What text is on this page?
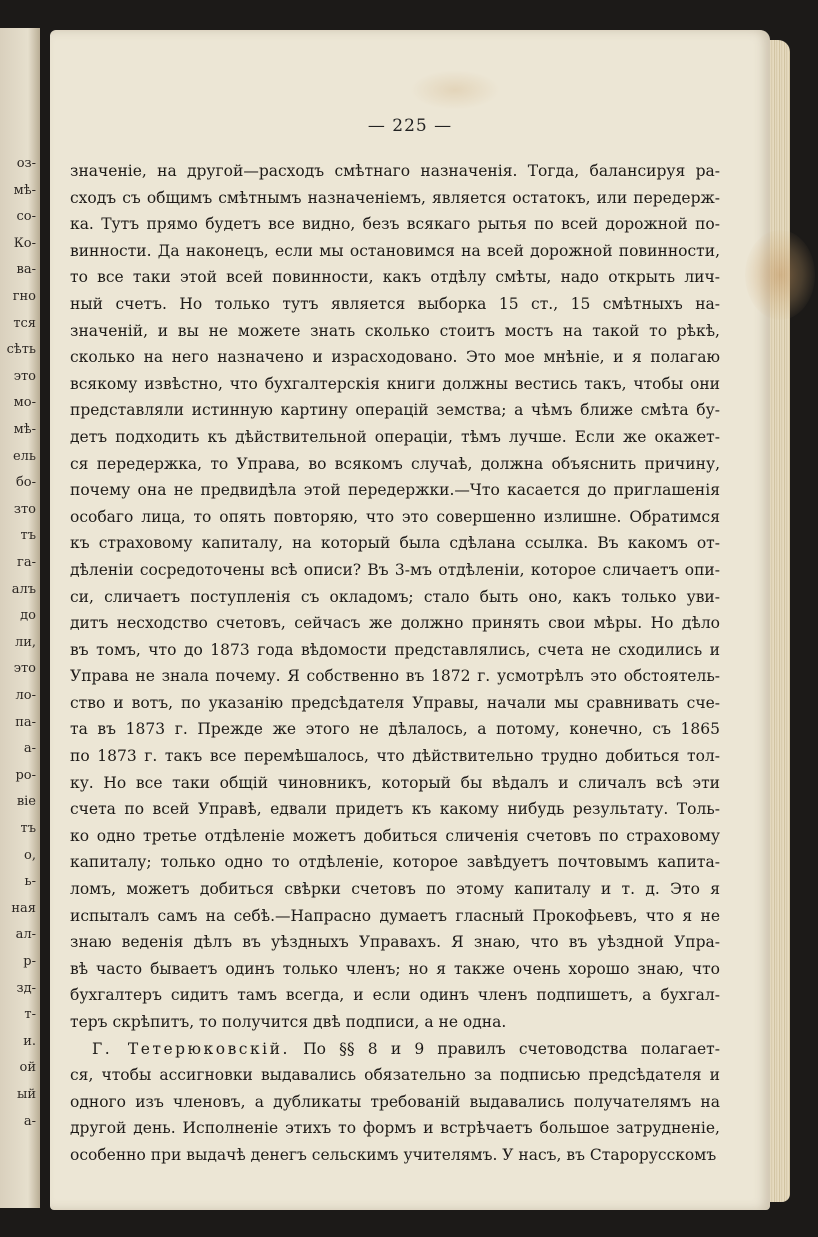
оз-
мѣ-
со-
Ко-
ва-
гно
тся
сѣть
это
мо-
мѣ-
ель
бо-
зто
тъ
га-
алъ
до
ли,
это
ло-
па-
а-
ро-
віе
тъ
о,
ь-
ная
ал-
р-
зд-
т-
и.
ой
ый
а-
— 225 —
значеніе, на другой—расходъ смѣтнаго назначенія. Тогда, балансируя ра-
сходъ съ общимъ смѣтнымъ назначеніемъ, является остатокъ, или передерж-
ка. Тутъ прямо будетъ все видно, безъ всякаго рытья по всей дорожной по-
винности. Да наконецъ, если мы остановимся на всей дорожной повинности,
то все таки этой всей повинности, какъ отдѣлу смѣты, надо открыть лич-
ный счетъ. Но только тутъ является выборка 15 ст., 15 смѣтныхъ на-
значеній, и вы не можете знать сколько стоитъ мостъ на такой то рѣкѣ,
сколько на него назначено и израсходовано. Это мое мнѣніе, и я полагаю
всякому извѣстно, что бухгалтерскія книги должны вестись такъ, чтобы они
представляли истинную картину операцій земства; а чѣмъ ближе смѣта бу-
детъ подходить къ дѣйствительной операціи, тѣмъ лучше. Если же окажет-
ся передержка, то Управа, во всякомъ случаѣ, должна объяснить причину,
почему она не предвидѣла этой передержки.—Что касается до приглашенія
особаго лица, то опять повторяю, что это совершенно излишне. Обратимся
къ страховому капиталу, на который была сдѣлана ссылка. Въ какомъ от-
дѣленіи сосредоточены всѣ описи? Въ 3-мъ отдѣленіи, которое сличаетъ опи-
си, сличаетъ поступленія съ окладомъ; стало быть оно, какъ только уви-
дитъ несходство счетовъ, сейчасъ же должно принять свои мѣры. Но дѣло
въ томъ, что до 1873 года вѣдомости представлялись, счета не сходились и
Управа не знала почему. Я собственно въ 1872 г. усмотрѣлъ это обстоятель-
ство и вотъ, по указанію предсѣдателя Управы, начали мы сравнивать сче-
та въ 1873 г. Прежде же этого не дѣлалось, а потому, конечно, съ 1865
по 1873 г. такъ все перемѣшалось, что дѣйствительно трудно добиться тол-
ку. Но все таки общій чиновникъ, который бы вѣдалъ и сличалъ всѣ эти
счета по всей Управѣ, едвали придетъ къ какому нибудь результату. Толь-
ко одно третье отдѣленіе можетъ добиться сличенія счетовъ по страховому
капиталу; только одно то отдѣленіе, которое завѣдуетъ почтовымъ капита-
ломъ, можетъ добиться свѣрки счетовъ по этому капиталу и т. д. Это я
испыталъ самъ на себѣ.—Напрасно думаетъ гласный Прокофьевъ, что я не
знаю веденія дѣлъ въ уѣздныхъ Управахъ. Я знаю, что въ уѣздной Упра-
вѣ часто бываетъ одинъ только членъ; но я также очень хорошо знаю, что
бухгалтеръ сидитъ тамъ всегда, и если одинъ членъ подпишетъ, а бухгал-
теръ скрѣпитъ, то получится двѣ подписи, а не одна.
Г. Тетерюковскій. По §§ 8 и 9 правилъ счетоводства полагает-
ся, чтобы ассигновки выдавались обязательно за подписью предсѣдателя и
одного изъ членовъ, а дубликаты требованій выдавались получателямъ на
другой день. Исполненіе этихъ то формъ и встрѣчаетъ большое затрудненіе,
особенно при выдачѣ денегъ сельскимъ учителямъ. У насъ, въ Старорусскомъ
